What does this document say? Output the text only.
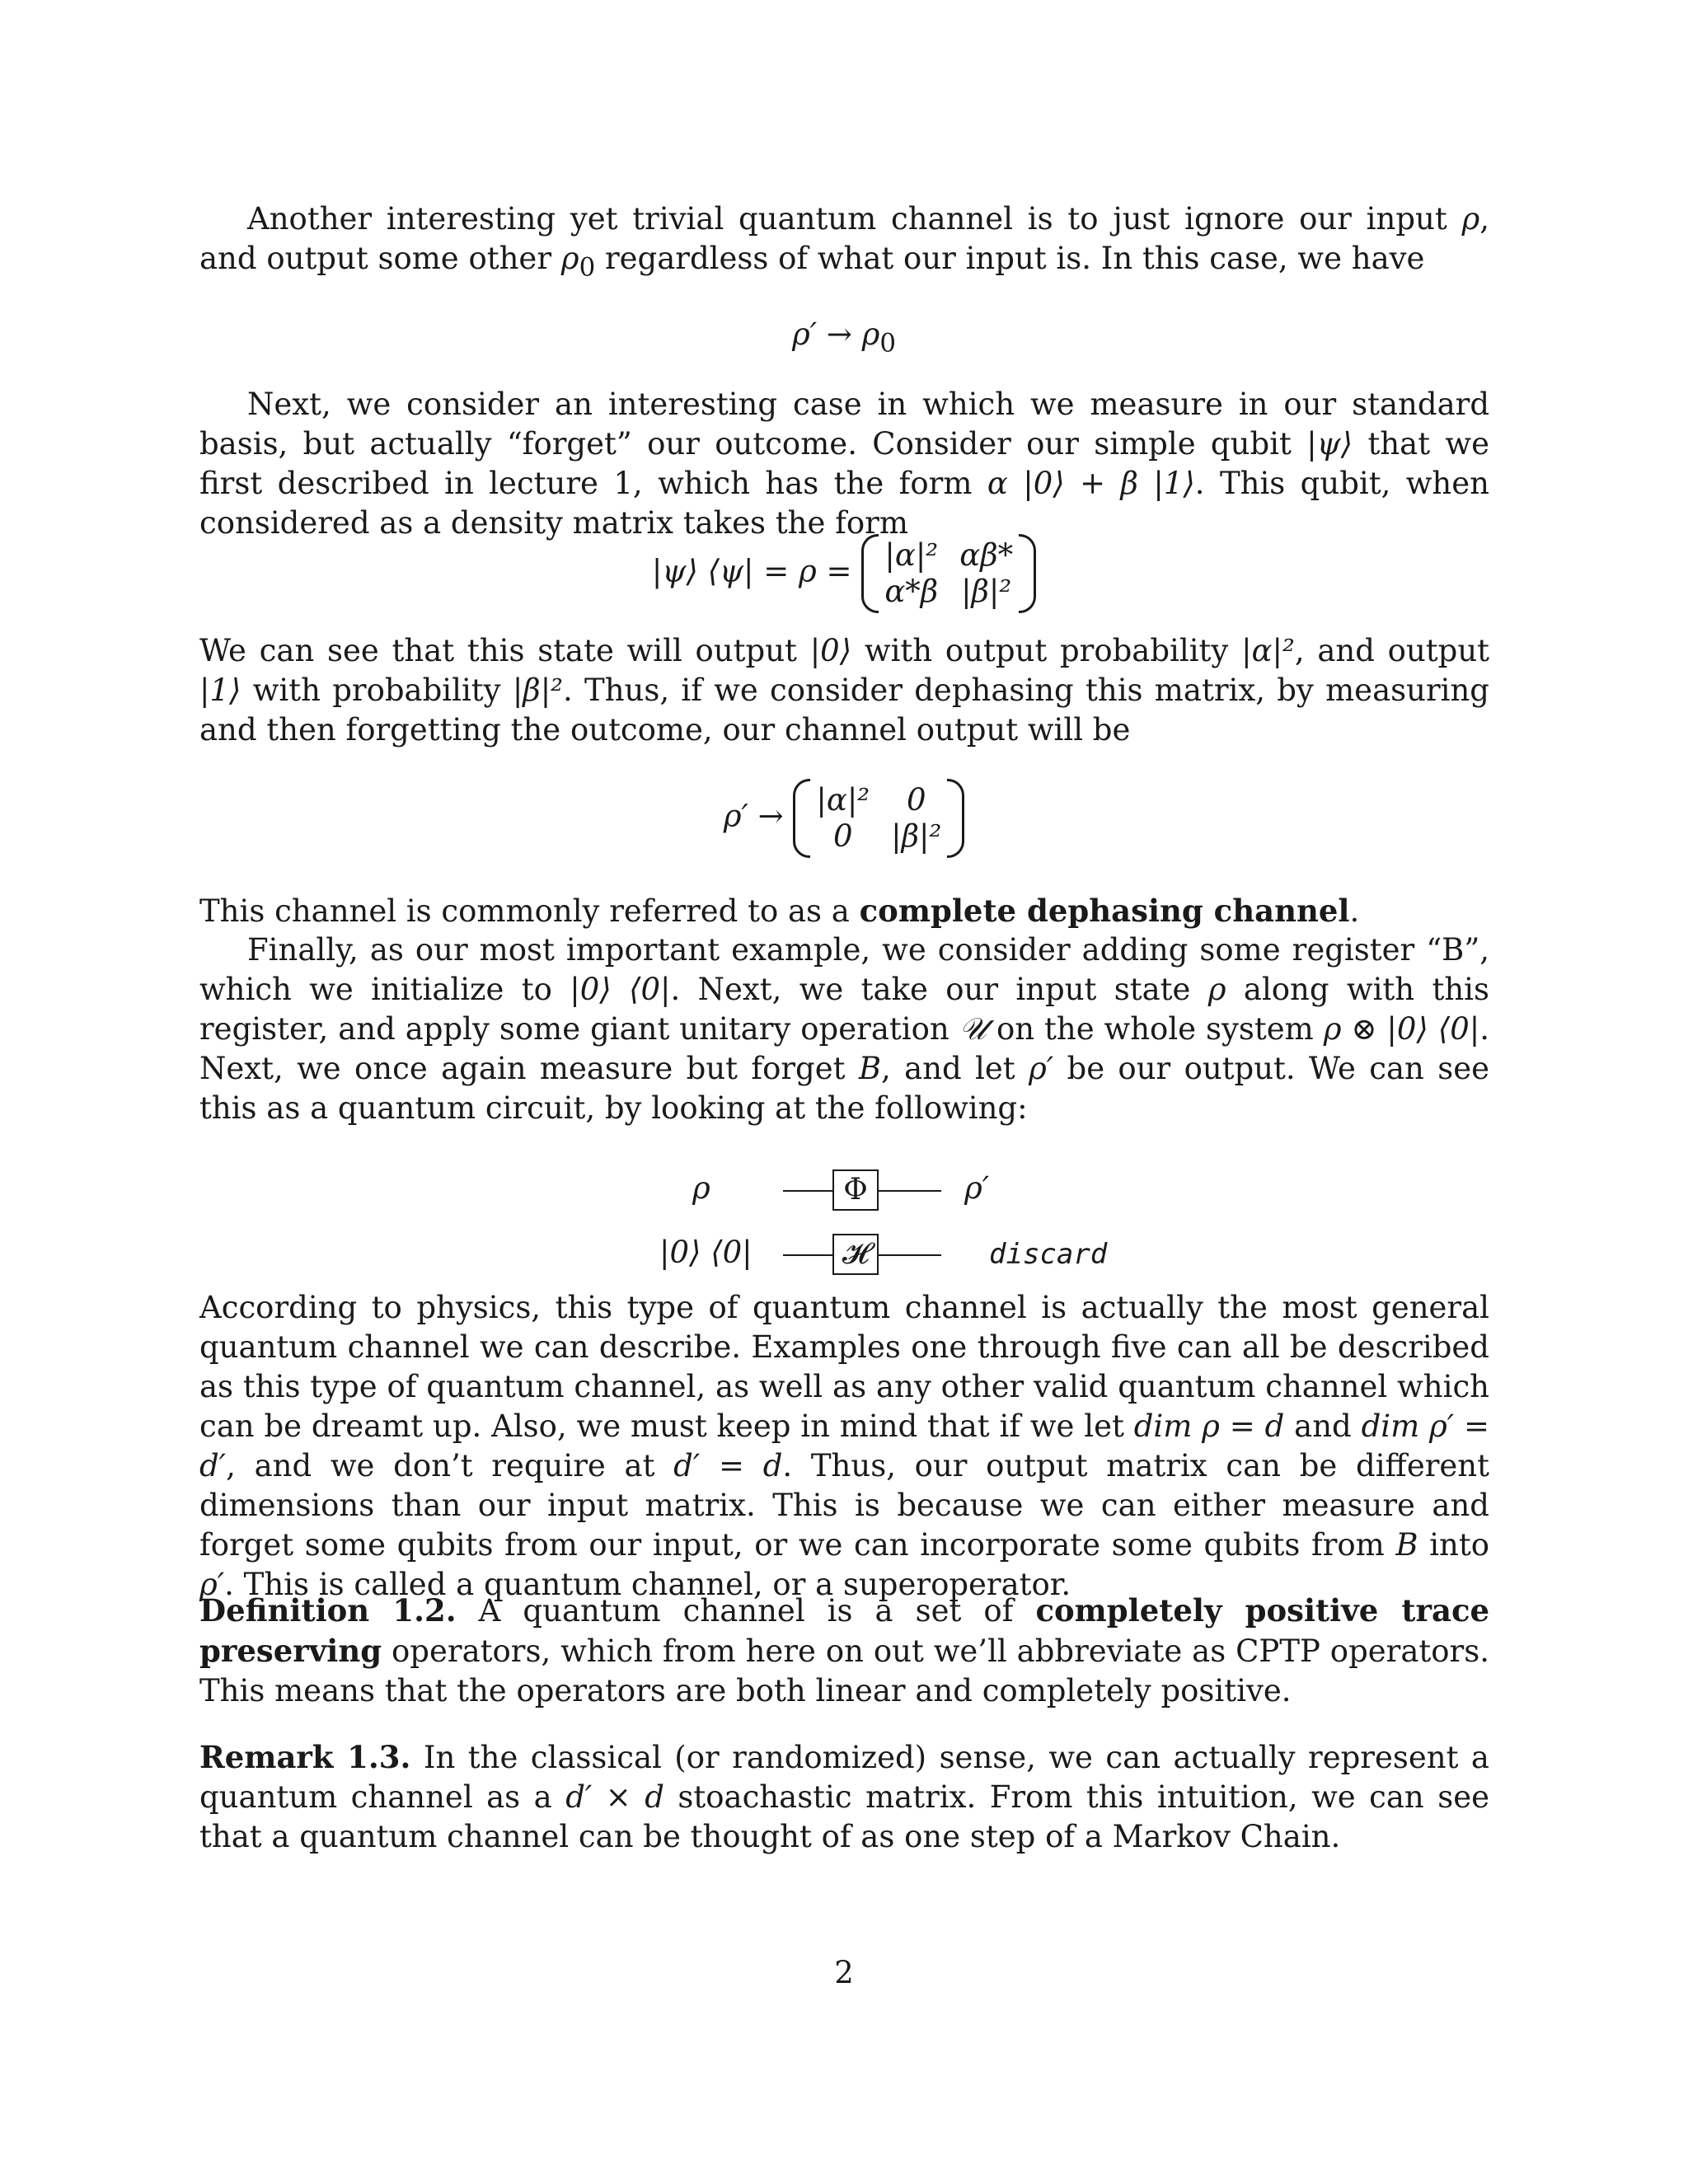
Another interesting yet trivial quantum channel is to just ignore our input ρ, and output some other $\rho_0$ regardless of what our input is. In this case, we have
$\rho' \to \rho_0$
Next, we consider an interesting case in which we measure in our standard basis, but actually “forget” our outcome. Consider our simple qubit |ψ⟩ that we first described in lecture 1, which has the form α |0⟩ + β |1⟩. This qubit, when considered as a density matrix takes the form
|ψ⟩ ⟨ψ| = ρ = |α|² αβ*
α*β |β|²
We can see that this state will output |0⟩ with output probability |α|², and output |1⟩ with probability |β|². Thus, if we consider dephasing this matrix, by measuring and then forgetting the outcome, our channel output will be
ρ′ → |α|²	0
0	|β|²
This channel is commonly referred to as a complete dephasing channel.
Finally, as our most important example, we consider adding some register “B”, which we initialize to |0⟩ ⟨0|. Next, we take our input state ρ along with this register, and apply some giant unitary operation 𝒰 on the whole system ρ ⊗ |0⟩ ⟨0|. Next, we once again measure but forget B, and let ρ′ be our output. We can see this as a quantum circuit, by looking at the following:
ρ	Φ	ρ′
|0⟩ ⟨0|	𝓗	discard
According to physics, this type of quantum channel is actually the most general quantum channel we can describe. Examples one through five can all be described as this type of quantum channel, as well as any other valid quantum channel which can be dreamt up. Also, we must keep in mind that if we let dim ρ = d and dim ρ′ = d′, and we don’t require at d′ = d. Thus, our output matrix can be different dimensions than our input matrix. This is because we can either measure and forget some qubits from our input, or we can incorporate some qubits from B into ρ′. This is called a quantum channel, or a superoperator.
Definition 1.2. A quantum channel is a set of completely positive trace preserving operators, which from here on out we’ll abbreviate as CPTP operators. This means that the operators are both linear and completely positive.
Remark 1.3. In the classical (or randomized) sense, we can actually represent a quantum channel as a d′ × d stoachastic matrix. From this intuition, we can see that a quantum channel can be thought of as one step of a Markov Chain.
2
